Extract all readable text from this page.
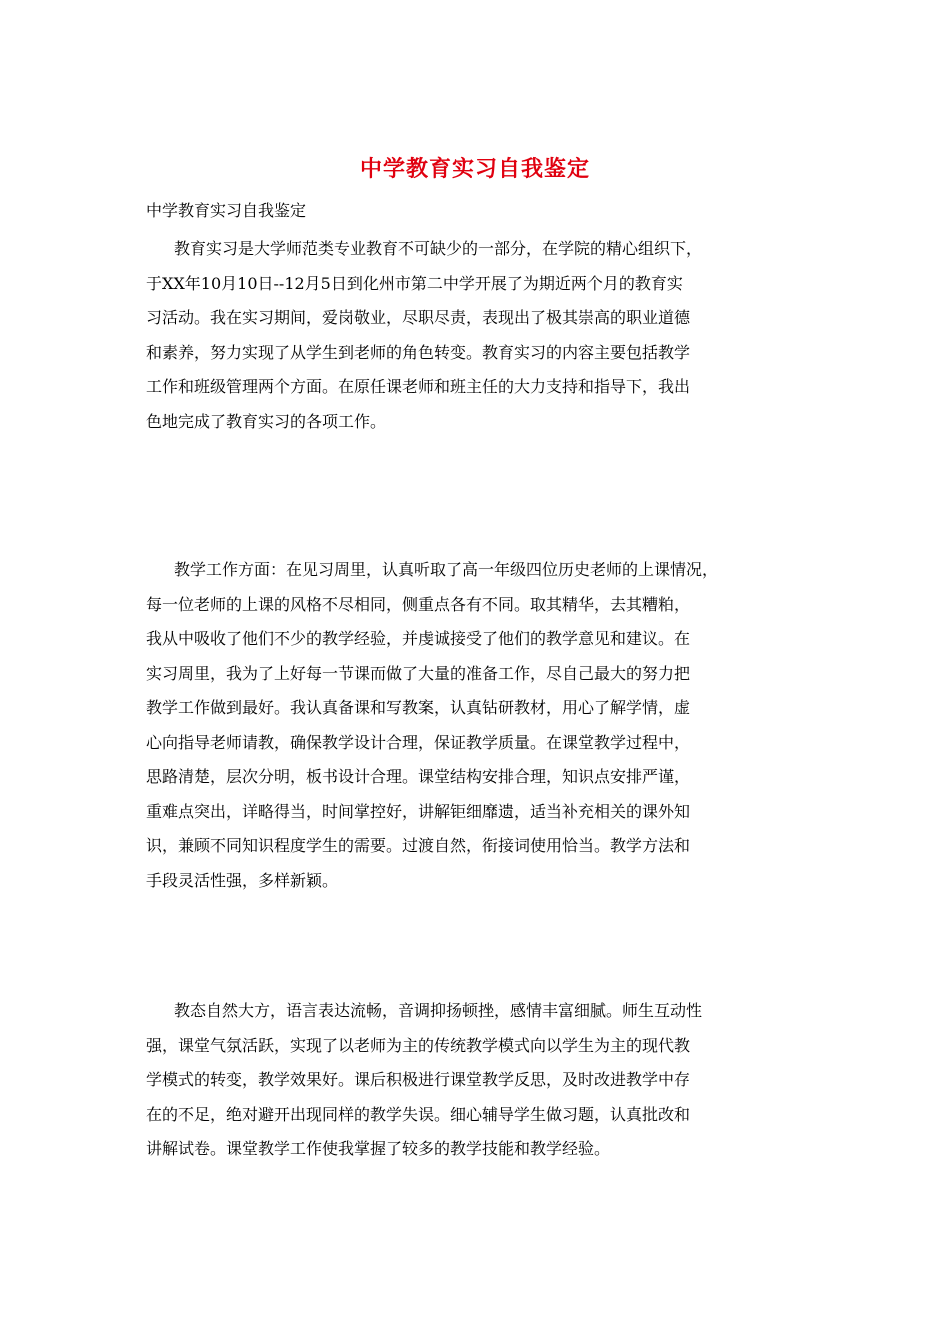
中学教育实习自我鉴定
中学教育实习自我鉴定
教育实习是大学师范类专业教育不可缺少的一部分，在学院的精心组织下，
于XX年10月10日--12月5日到化州市第二中学开展了为期近两个月的教育实
习活动。我在实习期间，爱岗敬业，尽职尽责，表现出了极其崇高的职业道德
和素养，努力实现了从学生到老师的角色转变。教育实习的内容主要包括教学
工作和班级管理两个方面。在原任课老师和班主任的大力支持和指导下，我出
色地完成了教育实习的各项工作。
教学工作方面：在见习周里，认真听取了高一年级四位历史老师的上课情况，
每一位老师的上课的风格不尽相同，侧重点各有不同。取其精华，去其糟粕，
我从中吸收了他们不少的教学经验，并虔诚接受了他们的教学意见和建议。在
实习周里，我为了上好每一节课而做了大量的准备工作，尽自己最大的努力把
教学工作做到最好。我认真备课和写教案，认真钻研教材，用心了解学情，虚
心向指导老师请教，确保教学设计合理，保证教学质量。在课堂教学过程中，
思路清楚，层次分明，板书设计合理。课堂结构安排合理，知识点安排严谨，
重难点突出，详略得当，时间掌控好，讲解钜细靡遗，适当补充相关的课外知
识，兼顾不同知识程度学生的需要。过渡自然，衔接词使用恰当。教学方法和
手段灵活性强，多样新颖。
教态自然大方，语言表达流畅，音调抑扬顿挫，感情丰富细腻。师生互动性
强，课堂气氛活跃，实现了以老师为主的传统教学模式向以学生为主的现代教
学模式的转变，教学效果好。课后积极进行课堂教学反思，及时改进教学中存
在的不足，绝对避开出现同样的教学失误。细心辅导学生做习题，认真批改和
讲解试卷。课堂教学工作使我掌握了较多的教学技能和教学经验。
